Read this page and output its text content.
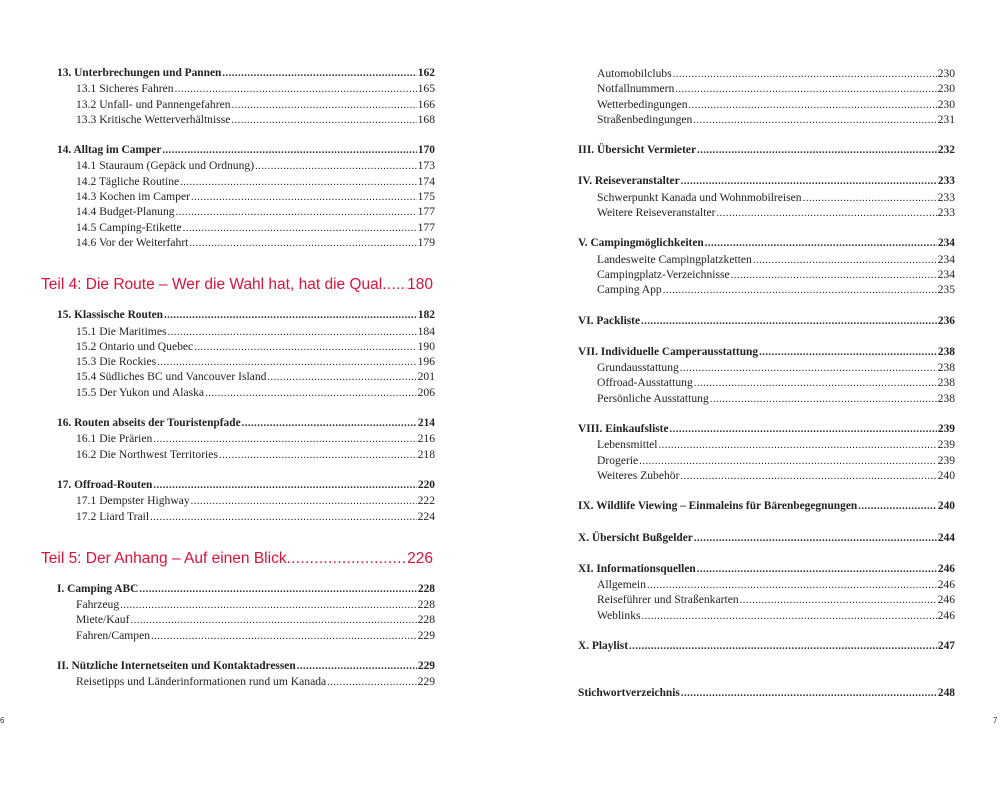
13. Unterbrechungen und Pannen .....	162
13.1 Sicheres Fahren .....	165
13.2 Unfall- und Pannengefahren .....	166
13.3 Kritische Wetterverhältnisse .....	168
14. Alltag im Camper .....	170
14.1 Stauraum (Gepäck und Ordnung) .....	173
14.2 Tägliche Routine .....	174
14.3 Kochen im Camper .....	175
14.4 Budget-Planung .....	177
14.5 Camping-Etikette .....	177
14.6 Vor der Weiterfahrt .....	179
Teil 4: Die Route – Wer die Wahl hat, hat die Qual ..... 180
15. Klassische Routen .....	182
15.1 Die Maritimes .....	184
15.2 Ontario und Quebec .....	190
15.3 Die Rockies .....	196
15.4 Südliches BC und Vancouver Island .....	201
15.5 Der Yukon und Alaska .....	206
16. Routen abseits der Touristenpfade .....	214
16.1 Die Prärien .....	216
16.2 Die Northwest Territories .....	218
17. Offroad-Routen .....	220
17.1 Dempster Highway .....	222
17.2 Liard Trail .....	224
Teil 5: Der Anhang – Auf einen Blick .....	226
I. Camping ABC .....	228
Fahrzeug .....	228
Miete/Kauf .....	228
Fahren/Campen .....	229
II. Nützliche Internetseiten und Kontaktadressen .....	229
Reisetipps und Länderinformationen rund um Kanada .....	229
6
Automobilclubs .....	230
Notfallnummern .....	230
Wetterbedingungen .....	230
Straßenbedingungen .....	231
III. Übersicht Vermieter .....	232
IV. Reiseveranstalter .....	233
Schwerpunkt Kanada und Wohnmobilreisen .....	233
Weitere Reiseveranstalter .....	233
V. Campingmöglichkeiten .....	234
Landesweite Campingplatzketten .....	234
Campingplatz-Verzeichnisse .....	234
Camping App .....	235
VI. Packliste .....	236
VII. Individuelle Camperausstattung .....	238
Grundausstattung .....	238
Offroad-Ausstattung .....	238
Persönliche Ausstattung .....	238
VIII. Einkaufsliste .....	239
Lebensmittel .....	239
Drogerie .....	239
Weiteres Zubehör .....	240
IX. Wildlife Viewing – Einmaleins für Bärenbegegnungen .....	240
X. Übersicht Bußgelder .....	244
XI. Informationsquellen .....	246
Allgemein .....	246
Reiseführer und Straßenkarten .....	246
Weblinks .....	246
X. Playlist .....	247
Stichwortverzeichnis .....	248
7
